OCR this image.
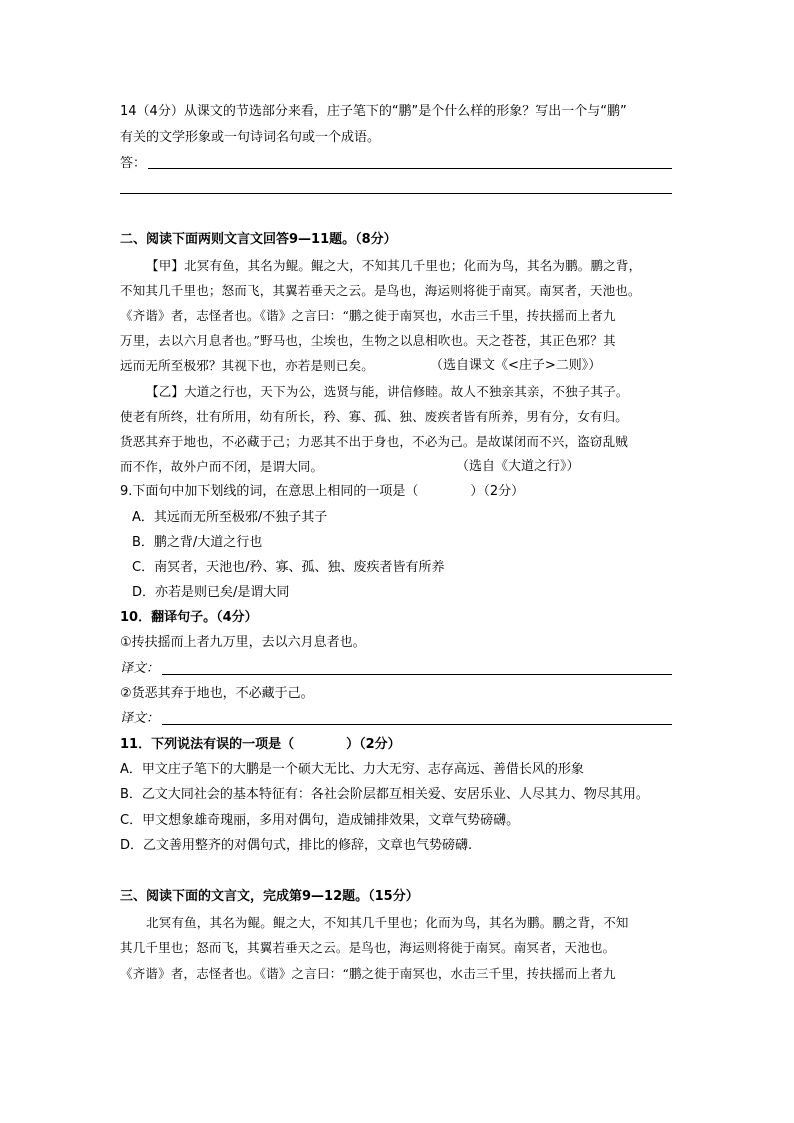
14（4分）从课文的节选部分来看，庄子笔下的“鹏”是个什么样的形象？写出一个与“鹏”
有关的文学形象或一句诗词名句或一个成语。
答：
二、阅读下面两则文言文回答9—11题。（8分）
【甲】北冥有鱼，其名为鲲。鲲之大，不知其几千里也；化而为鸟，其名为鹏。鹏之背，
不知其几千里也；怒而飞，其翼若垂天之云。是鸟也，海运则将徙于南冥。南冥者，天池也。
《齐谐》者，志怪者也。《谐》之言曰：“鹏之徙于南冥也，水击三千里，抟扶摇而上者九
万里，去以六月息者也。”野马也，尘埃也，生物之以息相吹也。天之苍苍，其正色邪？其
远而无所至极邪？其视下也，亦若是则已矣。	（选自课文《<庄子>二则》）
【乙】大道之行也，天下为公，选贤与能，讲信修睦。故人不独亲其亲，不独子其子。
使老有所终，壮有所用，幼有所长，矜、寡、孤、独、废疾者皆有所养，男有分，女有归。
货恶其弃于地也，不必藏于己；力恶其不出于身也，不必为己。是故谋闭而不兴，盗窃乱贼
而不作，故外户而不闭，是谓大同。	（选自《大道之行》）
9.下面句中加下划线的词，在意思上相同的一项是（　　　　）（2分）
A．其远而无所至极邪/不独子其子
B．鹏之背/大道之行也
C．南冥者，天池也/矜、寡、孤、独、废疾者皆有所养
D．亦若是则已矣/是谓大同
10．翻译句子。（4分）
①抟扶摇而上者九万里，去以六月息者也。
译文：
②货恶其弃于地也，不必藏于己。
译文：
11．下列说法有误的一项是（　　　　）（2分）
A．甲文庄子笔下的大鹏是一个硕大无比、力大无穷、志存高远、善借长风的形象
B．乙文大同社会的基本特征有：各社会阶层都互相关爱、安居乐业、人尽其力、物尽其用。
C．甲文想象雄奇瑰丽，多用对偶句，造成铺排效果，文章气势磅礴。
D．乙文善用整齐的对偶句式，排比的修辞，文章也气势磅礴.
三、阅读下面的文言文，完成第9—12题。（15分）
北冥有鱼，其名为鲲。鲲之大，不知其几千里也；化而为鸟，其名为鹏。鹏之背，不知
其几千里也；怒而飞，其翼若垂天之云。是鸟也，海运则将徙于南冥。南冥者，天池也。
《齐谐》者，志怪者也。《谐》之言曰：“鹏之徙于南冥也，水击三千里，抟扶摇而上者九
